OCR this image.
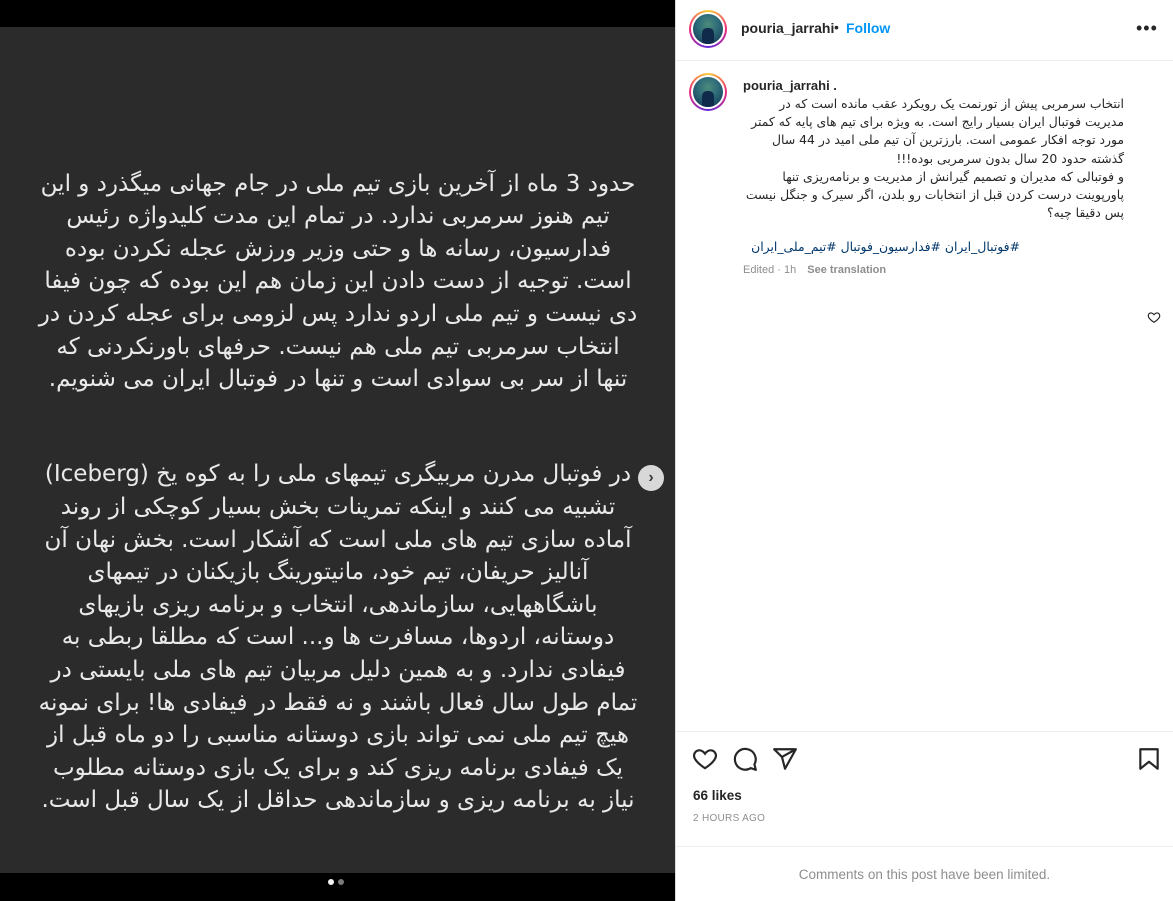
حدود 3 ماه از آخرین بازی تیم ملی در جام جهانی میگذرد و این تیم هنوز سرمربی ندارد. در تمام این مدت کلیدواژه رئیس فدارسیون، رسانه ها و حتی وزیر ورزش عجله نکردن بوده است. توجیه از دست دادن این زمان هم این بوده که چون فیفا دی نیست و تیم ملی اردو ندارد پس لزومی برای عجله کردن در انتخاب سرمربی تیم ملی هم نیست. حرفهای باورنکردنی که تنها از سر بی سوادی است و تنها در فوتبال ایران می شنویم.

در فوتبال مدرن مربیگری تیمهای ملی را به کوه یخ (Iceberg) تشبیه می کنند و اینکه تمرینات بخش بسیار کوچکی از روند آماده سازی تیم های ملی است که آشکار است. بخش نهان آن آنالیز حریفان، تیم خود، مانیتورینگ بازیکنان در تیمهای باشگاههایی، سازماندهی، انتخاب و برنامه ریزی بازیهای دوستانه، اردوها، مسافرت ها و... است که مطلقا ربطی به فیفادی ندارد. و به همین دلیل مربیان تیم های ملی بایستی در تمام طول سال فعال باشند و نه فقط در فیفادی ها! برای نمونه هیچ تیم ملی نمی تواند بازی دوستانه مناسبی را دو ماه قبل از یک فیفادی برنامه ریزی کند و برای یک بازی دوستانه مطلوب نیاز به برنامه ریزی و سازماندهی حداقل از یک سال قبل است.

›
pouria_jarrahi • Follow	•••
pouria_jarrahi .
انتخاب سرمربی پیش از تورنمت یک رویکرد عقب مانده است که در مدیریت فوتبال ایران بسیار رایج است. به ویژه برای تیم های پایه که کمتر مورد توجه افکار عمومی است. بارزترین آن تیم ملی امید در 44 سال گذشته حدود 20 سال بدون سرمربی بوده!!!
و فوتبالی که مدیران و تصمیم گیرانش از مدیریت و برنامه‌ریزی تنها پاورپوینت درست کردن قبل از انتخابات رو بلدن، اگر سیرک و جنگل نیست پس دقیقا چیه؟
#فوتبال_ایران #فدارسیون_فوتبال #تیم_ملی_ایران
Edited · 1h See translation
66 likes
2 HOURS AGO
Comments on this post have been limited.
